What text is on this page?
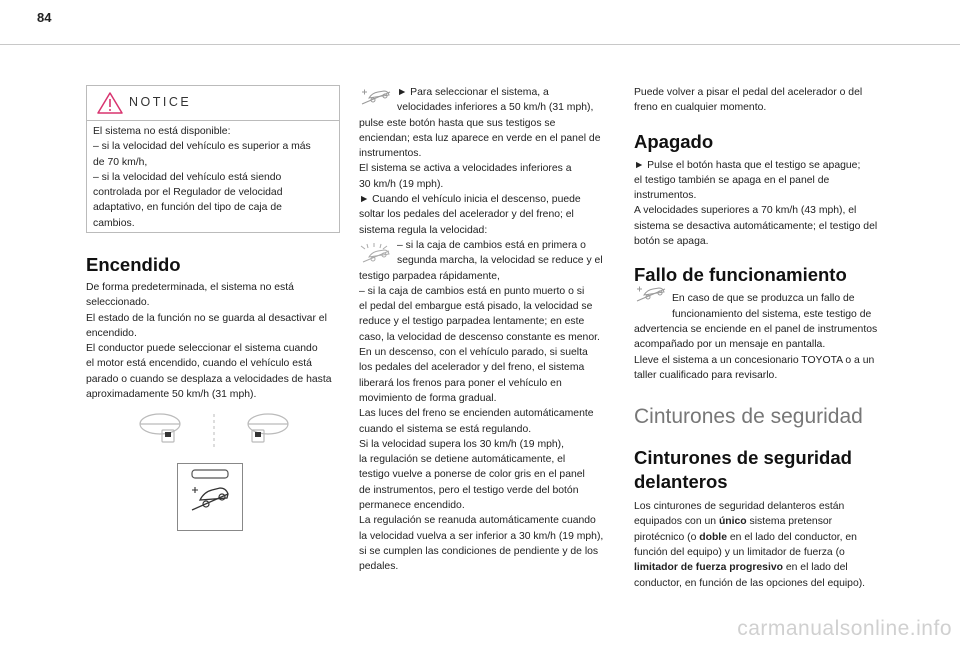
84
NOTICE

El sistema no está disponible:

– si la velocidad del vehículo es superior a más

de 70 km/h,

– si la velocidad del vehículo está siendo

controlada por el Regulador de velocidad

adaptativo, en función del tipo de caja de

cambios.

Encendido

De forma predeterminada, el sistema no está

seleccionado.

El estado de la función no se guarda al desactivar el

encendido.

El conductor puede seleccionar el sistema cuando

el motor está encendido, cuando el vehículo está

parado o cuando se desplaza a velocidades de hasta

aproximadamente 50 km/h (31 mph).

► Para seleccionar el sistema, a

velocidades inferiores a 50 km/h (31 mph),

pulse este botón hasta que sus testigos se

enciendan; esta luz aparece en verde en el panel de

instrumentos.

El sistema se activa a velocidades inferiores a

30 km/h (19 mph).

► Cuando el vehículo inicia el descenso, puede

soltar los pedales del acelerador y del freno; el

sistema regula la velocidad:

– si la caja de cambios está en primera o

segunda marcha, la velocidad se reduce y el

testigo parpadea rápidamente,

– si la caja de cambios está en punto muerto o si

el pedal del embargue está pisado, la velocidad se

reduce y el testigo parpadea lentamente; en este

caso, la velocidad de descenso constante es menor.

En un descenso, con el vehículo parado, si suelta

los pedales del acelerador y del freno, el sistema

liberará los frenos para poner el vehículo en

movimiento de forma gradual.

Las luces del freno se encienden automáticamente

cuando el sistema se está regulando.

Si la velocidad supera los 30 km/h (19 mph),

la regulación se detiene automáticamente, el

testigo vuelve a ponerse de color gris en el panel

de instrumentos, pero el testigo verde del botón

permanece encendido.

La regulación se reanuda automáticamente cuando

la velocidad vuelva a ser inferior a 30 km/h (19 mph),

si se cumplen las condiciones de pendiente y de los

pedales.

Puede volver a pisar el pedal del acelerador o del

freno en cualquier momento.

Apagado

► Pulse el botón hasta que el testigo se apague;

el testigo también se apaga en el panel de

instrumentos.

A velocidades superiores a 70 km/h (43 mph), el

sistema se desactiva automáticamente; el testigo del

botón se apaga.

Fallo de funcionamiento

En caso de que se produzca un fallo de

funcionamiento del sistema, este testigo de

advertencia se enciende en el panel de instrumentos

acompañado por un mensaje en pantalla.

Lleve el sistema a un concesionario TOYOTA o a un

taller cualificado para revisarlo.

Cinturones de seguridad
Cinturones de seguridad
delanteros

Los cinturones de seguridad delanteros están

equipados con un único sistema pretensor

pirotécnico (o doble en el lado del conductor, en

función del equipo) y un limitador de fuerza (o

limitador de fuerza progresivo en el lado del

conductor, en función de las opciones del equipo).

carmanualsonline.info
